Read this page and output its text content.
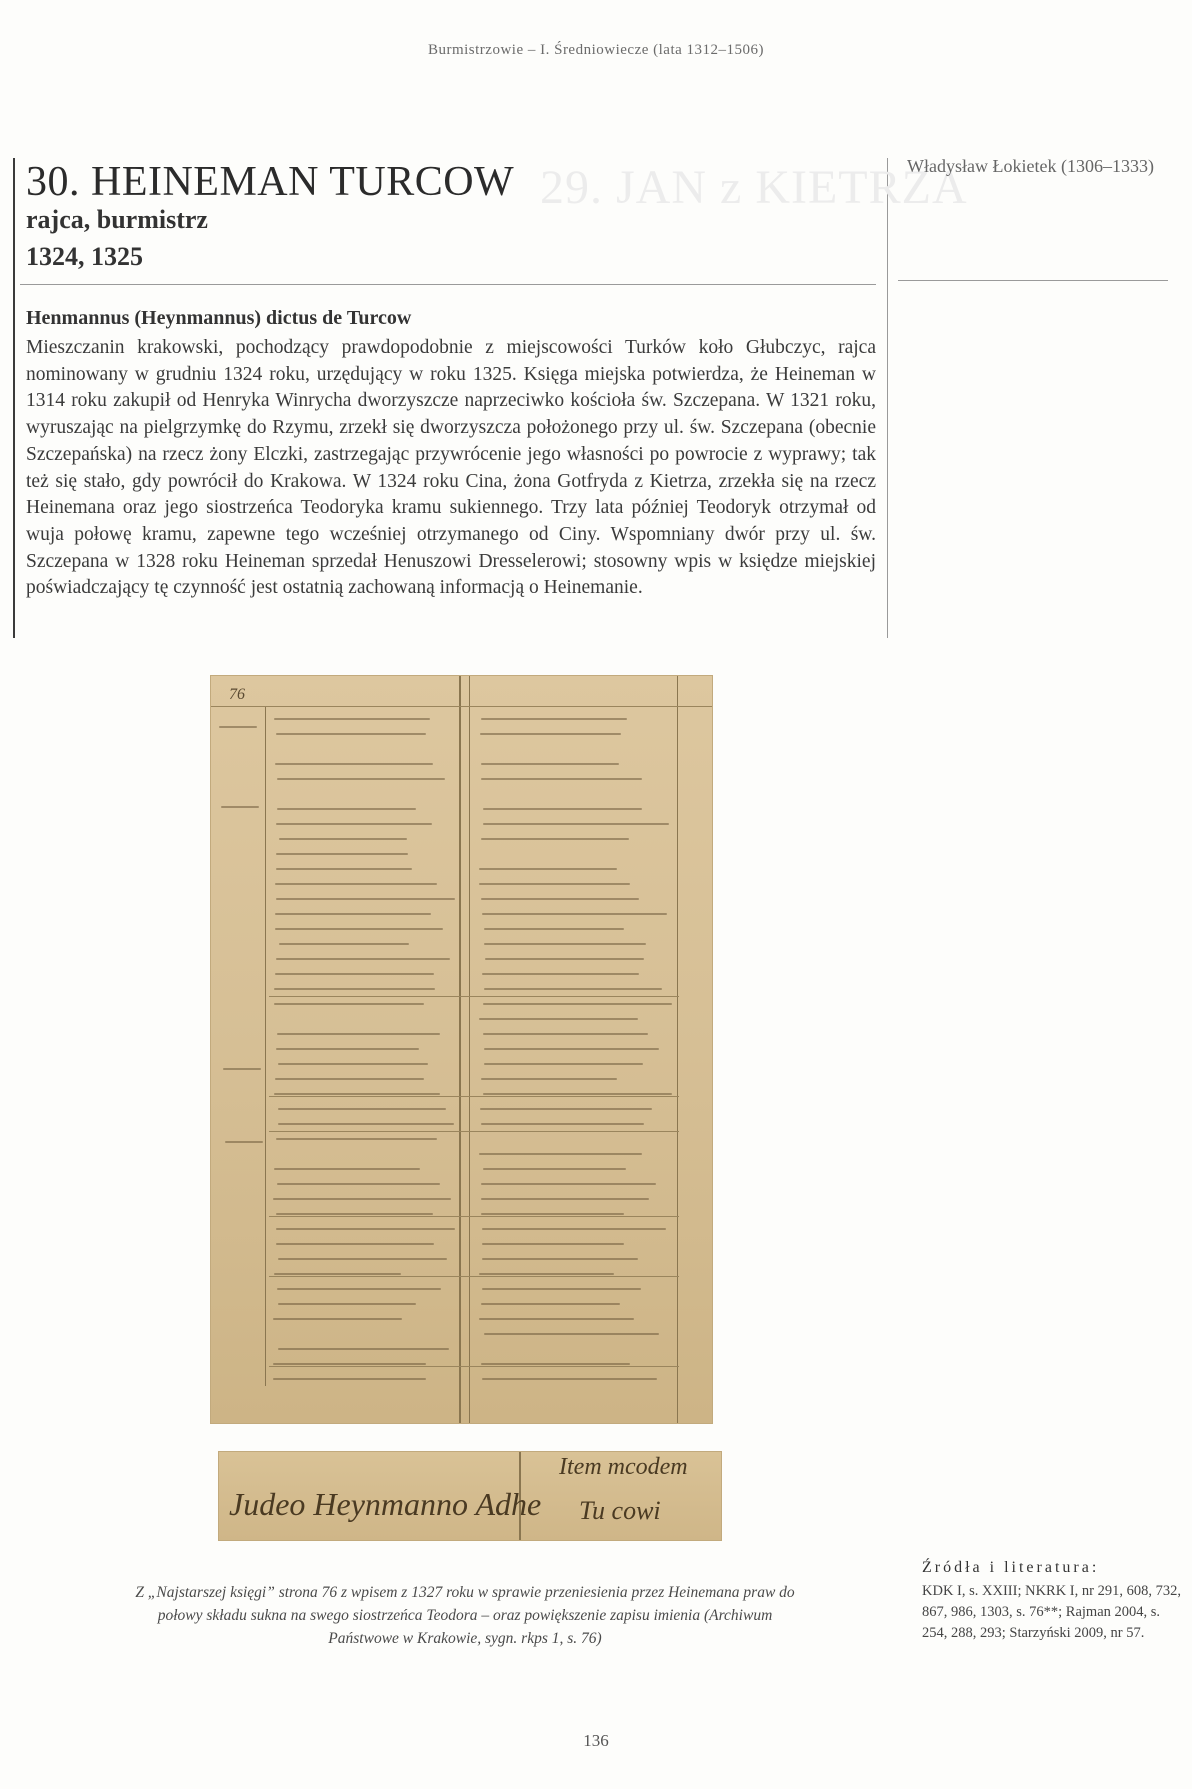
Burmistrzowie – I. Średniowiecze (lata 1312–1506)
29. JAN z KIETRZA
30. HEINEMAN TURCOW
rajca, burmistrz
1324, 1325
Władysław Łokietek (1306–1333)
Henmannus (Heynmannus) dictus de Turcow

Mieszczanin krakowski, pochodzący prawdopodobnie z miejscowości Turków koło Głubczyc, rajca nominowany w grudniu 1324 roku, urzędujący w roku 1325. Księga miejska potwierdza, że Heineman w 1314 roku zakupił od Henryka Winrycha dworzyszcze naprzeciwko kościoła św. Szczepana. W 1321 roku, wyruszając na pielgrzymkę do Rzymu, zrzekł się dworzyszcza położonego przy ul. św. Szczepana (obecnie Szczepańska) na rzecz żony Elczki, zastrzegając przywrócenie jego własności po powrocie z wyprawy; tak też się stało, gdy powrócił do Krakowa. W 1324 roku Cina, żona Gotfryda z Kietrza, zrzekła się na rzecz Heinemana oraz jego siostrzeńca Teodoryka kramu sukiennego. Trzy lata później Teodoryk otrzymał od wuja połowę kramu, zapewne tego wcześniej otrzymanego od Ciny. Wspomniany dwór przy ul. św. Szczepana w 1328 roku Heineman sprzedał Henuszowi Dresselerowi; stosowny wpis w księdze miejskiej poświadczający tę czynność jest ostatnią zachowaną informacją o Heinemanie.

76
Judeo Heynmanno Adhe
Item mcodem
Tu cowi

Z „Najstarszej księgi” strona 76 z wpisem z 1327 roku w sprawie przeniesienia przez Heinemana praw do połowy składu sukna na swego siostrzeńca Teodora – oraz powiększenie zapisu imienia (Archiwum Państwowe w Krakowie, sygn. rkps 1, s. 76)

Źródła i literatura:

KDK I, s. XXIII; NKRK I, nr 291, 608, 732, 867, 986, 1303, s. 76**; Rajman 2004, s. 254, 288, 293; Starzyński 2009, nr 57.

136
